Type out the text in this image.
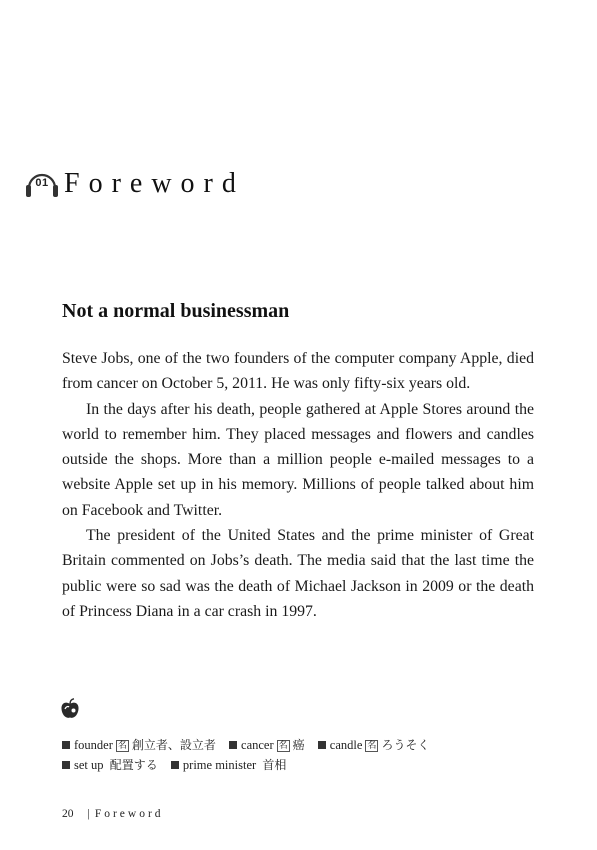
01 Foreword
Not a normal businessman

Steve Jobs, one of the two founders of the computer company Apple, died from cancer on October 5, 2011. He was only fifty-six years old.

In the days after his death, people gathered at Apple Stores around the world to remember him. They placed messages and flowers and candles outside the shops. More than a million people e-mailed messages to a website Apple set up in his memory. Millions of people talked about him on Facebook and Twitter.

The president of the United States and the prime minister of Great Britain commented on Jobs’s death. The media said that the last time the public were so sad was the death of Michael Jackson in 2009 or the death of Princess Diana in a car crash in 1997.

founder 名 創立者、設立者 cancer 名 癌 candle 名 ろうそく set up 配置する prime minister 首相
20 | Foreword
